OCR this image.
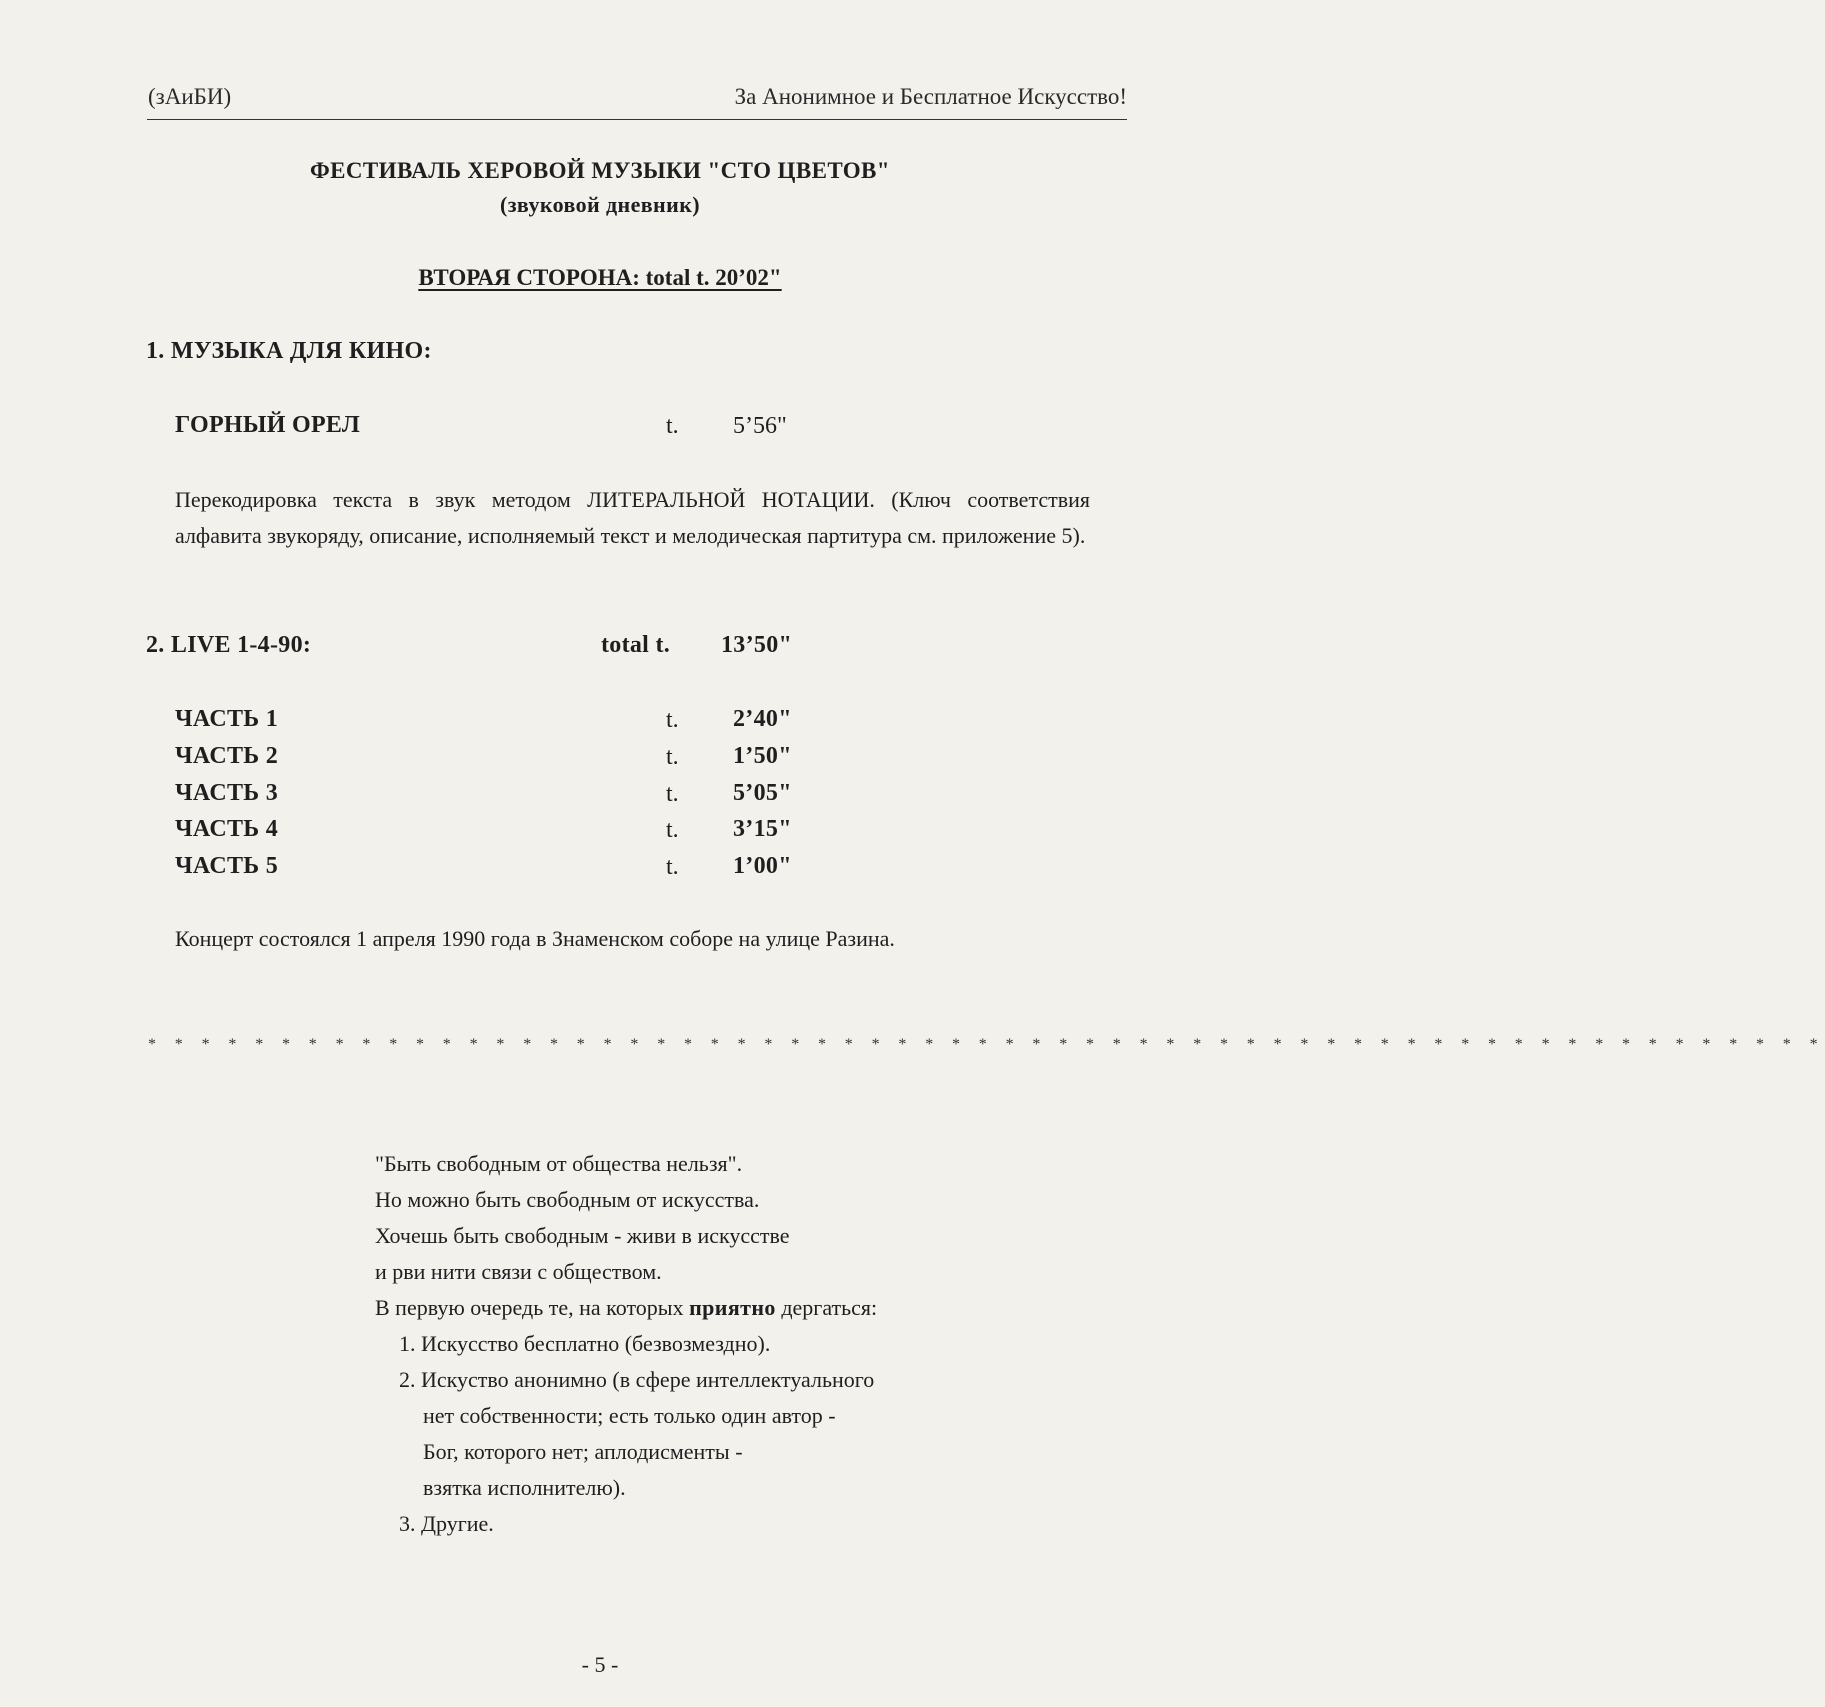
(зАиБИ)	За Анонимное и Бесплатное Искусство!
ФЕСТИВАЛЬ ХЕРОВОЙ МУЗЫКИ "СТО ЦВЕТОВ"
(звуковой дневник)
ВТОРАЯ СТОРОНА: total t. 20’02"
1. МУЗЫКА ДЛЯ КИНО:
ГОРНЫЙ ОРЕЛ	t. 5’56"
Перекодировка текста в звук методом ЛИТЕРАЛЬНОЙ НОТАЦИИ. (Ключ соответствия алфавита звукоряду, описание, исполняемый текст и мелодическая партитура см. приложение 5).
2. LIVE 1-4-90:	total t. 13’50"
ЧАСТЬ 1	t. 2’40"
ЧАСТЬ 2	t. 1’50"
ЧАСТЬ 3	t. 5’05"
ЧАСТЬ 4	t. 3’15"
ЧАСТЬ 5	t. 1’00"
Концерт состоялся 1 апреля 1990 года в Знаменском соборе на улице Разина.
* * * * * * * * * * * * * * * * * * * * * * * * * * * * * * * * * * * * * * * * * * * * * * * * * * * * * * * * * * * * * * *
"Быть свободным от общества нельзя".
Но можно быть свободным от искусства.
Хочешь быть свободным - живи в искусстве
и рви нити связи с обществом.
В первую очередь те, на которых приятно дергаться:
1. Искусство бесплатно (безвозмездно).
2. Искуство анонимно (в сфере интеллектуального
нет собственности; есть только один автор -
Бог, которого нет; аплодисменты -
взятка исполнителю).
3. Другие.
- 5 -
